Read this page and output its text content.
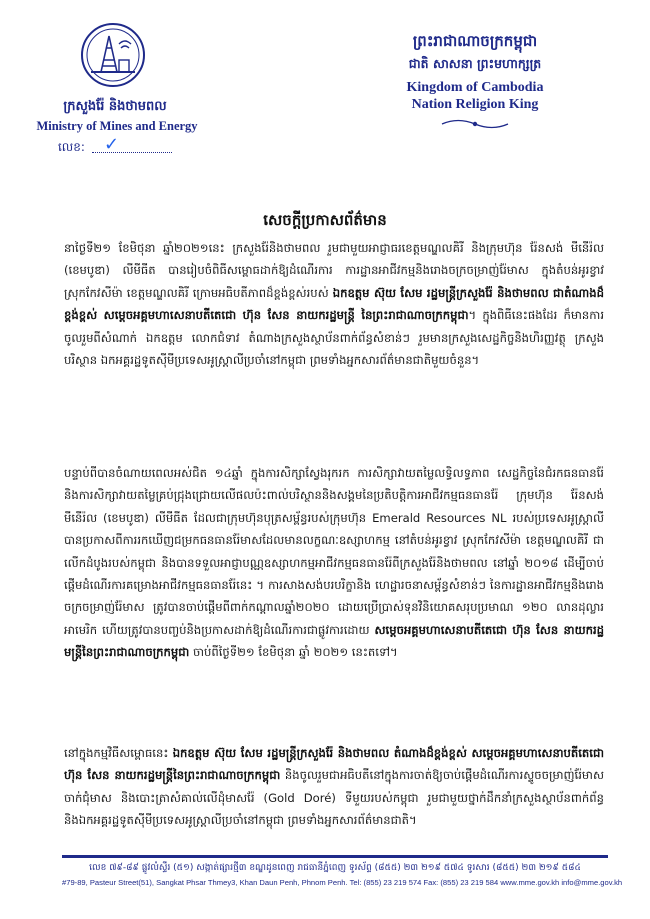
ក្រសួងរ៉ែ និងថាមពល
Ministry of Mines and Energy
លេខ: ✓
ព្រះរាជាណាចក្រកម្ពុជា
ជាតិ សាសនា ព្រះមហាក្សត្រ
Kingdom of Cambodia
Nation Religion King
សេចក្តីប្រកាសព័ត៌មាន
នាថ្ងៃទី២១ ខែមិថុនា ឆ្នាំ២០២១នេះ ក្រសួងរ៉ែនិងថាមពល រួមជាមួយអាជ្ញាធរខេត្តមណ្ឌលគិរី និងក្រុមហ៊ុន រ៉ែនសង់ មីនើរ៉ល (ខេមបូឌា) លីមីធីត បានរៀបចំពិធីសម្ពោធដាក់ឱ្យដំណើរការ ការដ្ឋានអាជីវកម្មនិងរោងចក្រចម្រាញ់រ៉ែមាស ក្នុងតំបន់អូរខ្វាវ ស្រុកកែវសីម៉ា ខេត្តមណ្ឌលគិរី ក្រោមអធិបតីភាពដ៏ខ្ពង់ខ្ពស់របស់ ឯកឧត្តម ស៊ុយ សែម រដ្ឋមន្ត្រីក្រសួងរ៉ែ និងថាមពល ជាតំណាងដ៏ខ្ពង់ខ្ពស់ សម្តេចអគ្គមហាសេនាបតីតេជោ ហ៊ុន សែន នាយករដ្ឋមន្ត្រី នៃព្រះរាជាណាចក្រកម្ពុជា។ ក្នុងពិធីនេះផងដែរ ក៏មានការចូលរួមពីសំណាក់ ឯកឧត្តម លោកជំទាវ តំណាងក្រសួងស្ថាប័នពាក់ព័ន្ធសំខាន់ៗ រួមមានក្រសួងសេដ្ឋកិច្ចនិងហិរញ្ញវត្ថុ ក្រសួងបរិស្ថាន ឯកអគ្គរដ្ឋទូតស៊ីមីប្រទេសអូស្ត្រាលីប្រចាំនៅកម្ពុជា ព្រមទាំងអ្នកសារព័ត៌មានជាតិមួយចំនួន។
បន្ទាប់ពីបានចំណាយពេលអស់ជិត ១៤ឆ្នាំ ក្នុងការសិក្សាស្វែងរុករក ការសិក្សាវាយតម្លៃលទ្ធិលទ្ធភាព សេដ្ឋកិច្ចនៃជំរកធនធានរ៉ែ និងការសិក្សាវាយតម្លៃគ្រប់ជ្រុងជ្រោយលើផលប៉ះពាល់បរិស្ថាននិងសង្គមនៃប្រតិបត្តិការអាជីវកម្មធនធានរ៉ែ ក្រុមហ៊ុន រ៉ែនសង់ មីនើរ៉ល (ខេមបូឌា) លីមីធីត ដែលជាក្រុមហ៊ុនបុត្រសម្ព័ន្ធរបស់ក្រុមហ៊ុន Emerald Resources NL របស់ប្រទេសអូស្ត្រាលី បានប្រកាសពីការរកឃើញជម្រកធនធានរ៉ែមាសដែលមានលក្ខណៈឧស្សាហកម្ម នៅតំបន់អូរខ្វាវ ស្រុកកែវសីម៉ា ខេត្តមណ្ឌលគិរី ជាលើកដំបូងរបស់កម្ពុជា និងបានទទួលអាជ្ញាបណ្ណឧស្សាហកម្មអាជីវកម្មធនធានរ៉ែពីក្រសួងរ៉ែនិងថាមពល នៅឆ្នាំ ២០១៨ ដើម្បីចាប់ផ្តើមដំណើរការគម្រោងអាជីវកម្មធនធានរ៉ែនេះ ។ ការសាងសង់បរបរិក្ខានិង ហេដ្ឋារចនាសម្ព័ន្ធសំខាន់ៗ នៃការដ្ឋានអាជីវកម្មនិងរោងចក្រចម្រាញ់រ៉ែមាស ត្រូវបានចាប់ផ្តើមពីពាក់កណ្តាលឆ្នាំ២០២០ ដោយប្រើប្រាស់ទុនវិនិយោគសរុបប្រមាណ ១២០ លានដុល្លារអាមេរិក ហើយត្រូវបានបញ្ចប់និងប្រកាសដាក់ឱ្យដំណើរការជាផ្លូវការដោយ សម្តេចអគ្គមហាសេនាបតីតេជោ ហ៊ុន សែន នាយករដ្ឋមន្ត្រីនៃព្រះរាជាណាចក្រកម្ពុជា ចាប់ពីថ្ងៃទី២១ ខែមិថុនា ឆ្នាំ ២០២១ នេះតទៅ។
នៅក្នុងកម្មវិធីសម្ពោធនេះ ឯកឧត្តម ស៊ុយ សែម រដ្ឋមន្ត្រីក្រសួងរ៉ែ និងថាមពល តំណាងដ៏ខ្ពង់ខ្ពស់ សម្តេចអគ្គមហាសេនាបតីតេជោ ហ៊ុន សែន នាយករដ្ឋមន្ត្រីនៃព្រះរាជាណាចក្រកម្ពុជា និងចូលរួមជាអធិបតីនៅក្នុងការចាត់ឱ្យចាប់ផ្តើមដំណើរការស្ទូចចម្រាញ់រ៉ែមាសចាក់ជុំមាស និងបោះត្រាសំគាល់លើដុំមាសរ៉ែ (Gold Doré) ទីមួយរបស់កម្ពុជា រួមជាមួយថ្នាក់ដឹកនាំក្រសួងស្ថាប័នពាក់ព័ន្ធ និងឯកអគ្គរដ្ឋទូតស៊ីមីប្រទេសអូស្ត្រាលីប្រចាំនៅកម្ពុជា ព្រមទាំងអ្នកសារព័ត៌មានជាតិ។
លេខ ៧៩-៨៩ ផ្លូវលំស្ទឹរ (៥១) សង្កាត់ផ្សារថ្មី៣ ខណ្ឌដូនពេញ រាជធានីភ្នំពេញ ទូរស័ព្ទ (៨៥៥) ២៣ ២១៩ ៥៧៤ ទូរសារ (៨៥៥) ២៣ ២១៩ ៥៨៤
#79-89, Pasteur Street(51), Sangkat Phsar Thmey3, Khan Daun Penh, Phnom Penh. Tel: (855) 23 219 574 Fax: (855) 23 219 584 www.mme.gov.kh info@mme.gov.kh
